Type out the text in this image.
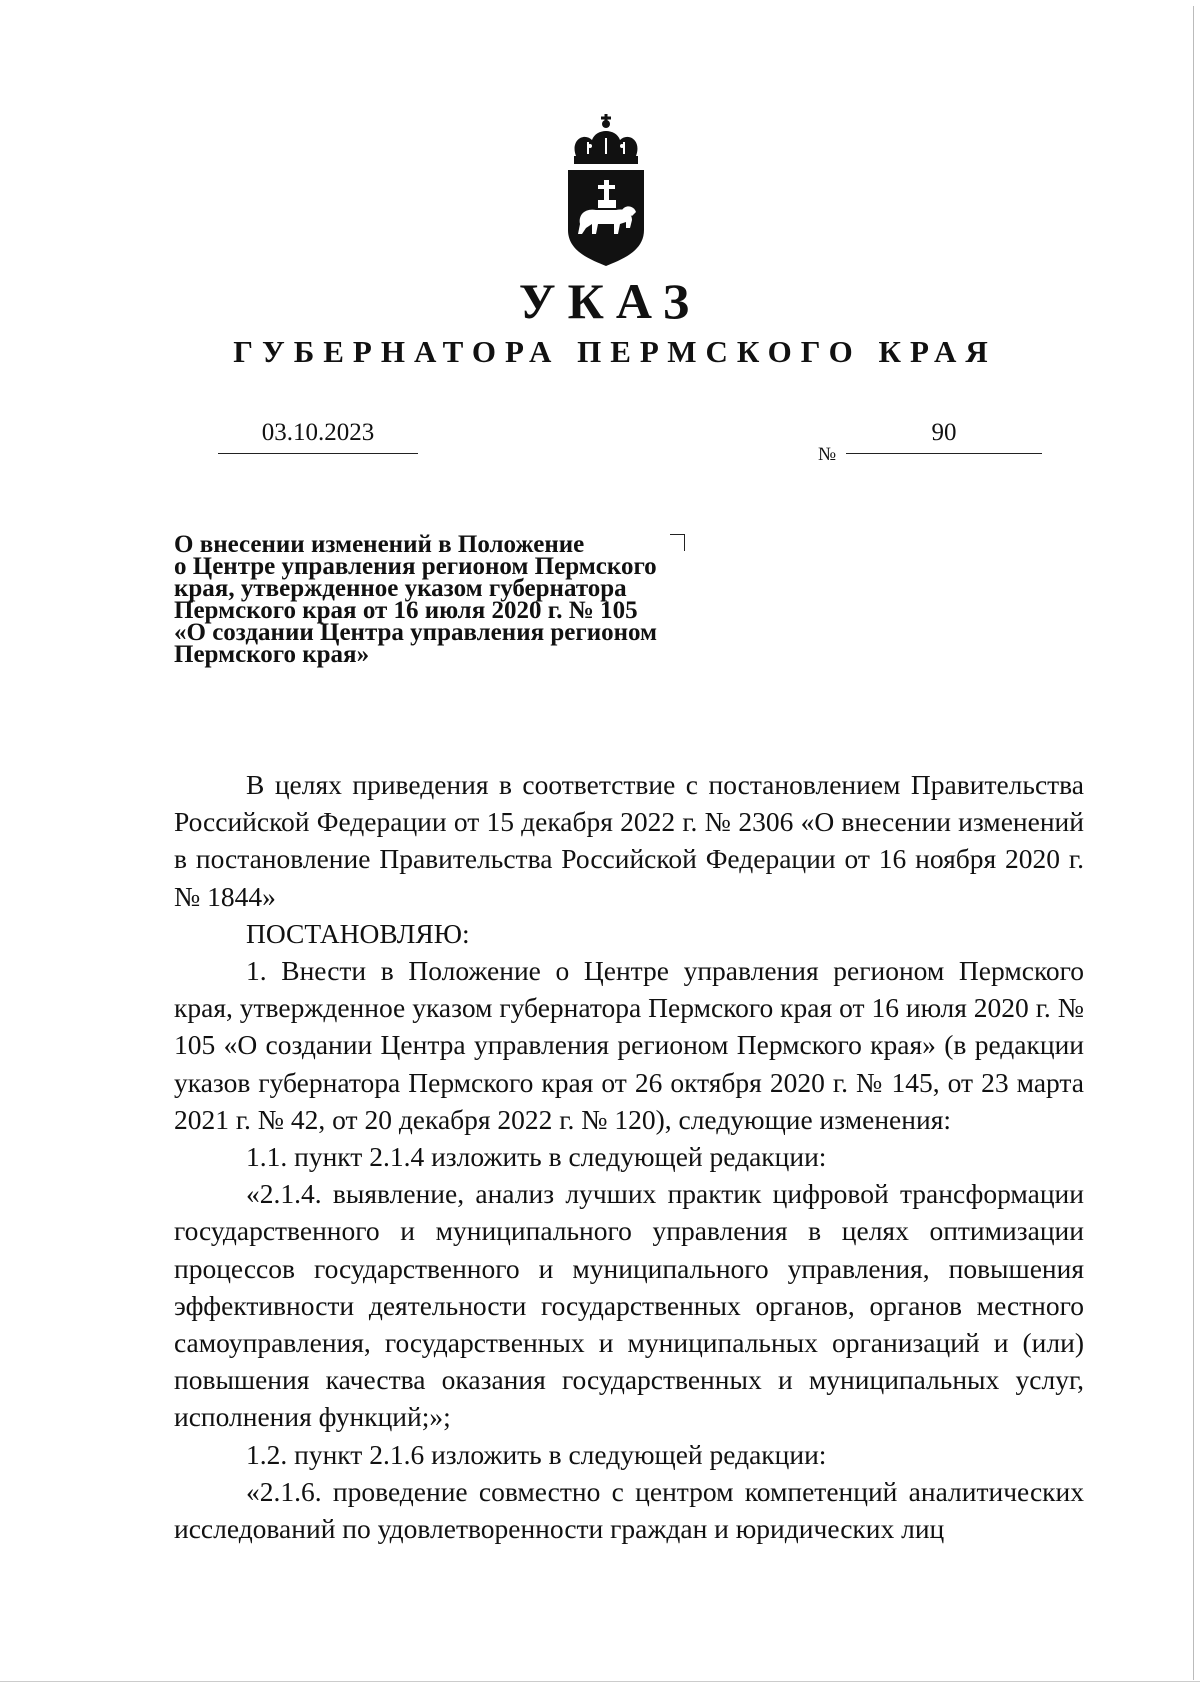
УКАЗ
ГУБЕРНАТОРА ПЕРМСКОГО КРАЯ
03.10.2023
№
90
О внесении изменений в Положение
о Центре управления регионом Пермского
края, утвержденное указом губернатора
Пермского края от 16 июля 2020 г. № 105
«О создании Центра управления регионом
Пермского края»

В целях приведения в соответствие с постановлением Правительства Российской Федерации от 15 декабря 2022 г. № 2306 «О внесении изменений в постановление Правительства Российской Федерации от 16 ноября 2020 г. № 1844»

ПОСТАНОВЛЯЮ:

1. Внести в Положение о Центре управления регионом Пермского края, утвержденное указом губернатора Пермского края от 16 июля 2020 г. № 105 «О создании Центра управления регионом Пермского края» (в редакции указов губернатора Пермского края от 26 октября 2020 г. № 145, от 23 марта 2021 г. № 42, от 20 декабря 2022 г. № 120), следующие изменения:

1.1. пункт 2.1.4 изложить в следующей редакции:

«2.1.4. выявление, анализ лучших практик цифровой трансформации государственного и муниципального управления в целях оптимизации процессов государственного и муниципального управления, повышения эффективности деятельности государственных органов, органов местного самоуправления, государственных и муниципальных организаций и (или) повышения качества оказания государственных и муниципальных услуг, исполнения функций;»;

1.2. пункт 2.1.6 изложить в следующей редакции:

«2.1.6. проведение совместно с центром компетенций аналитических исследований по удовлетворенности граждан и юридических лиц
